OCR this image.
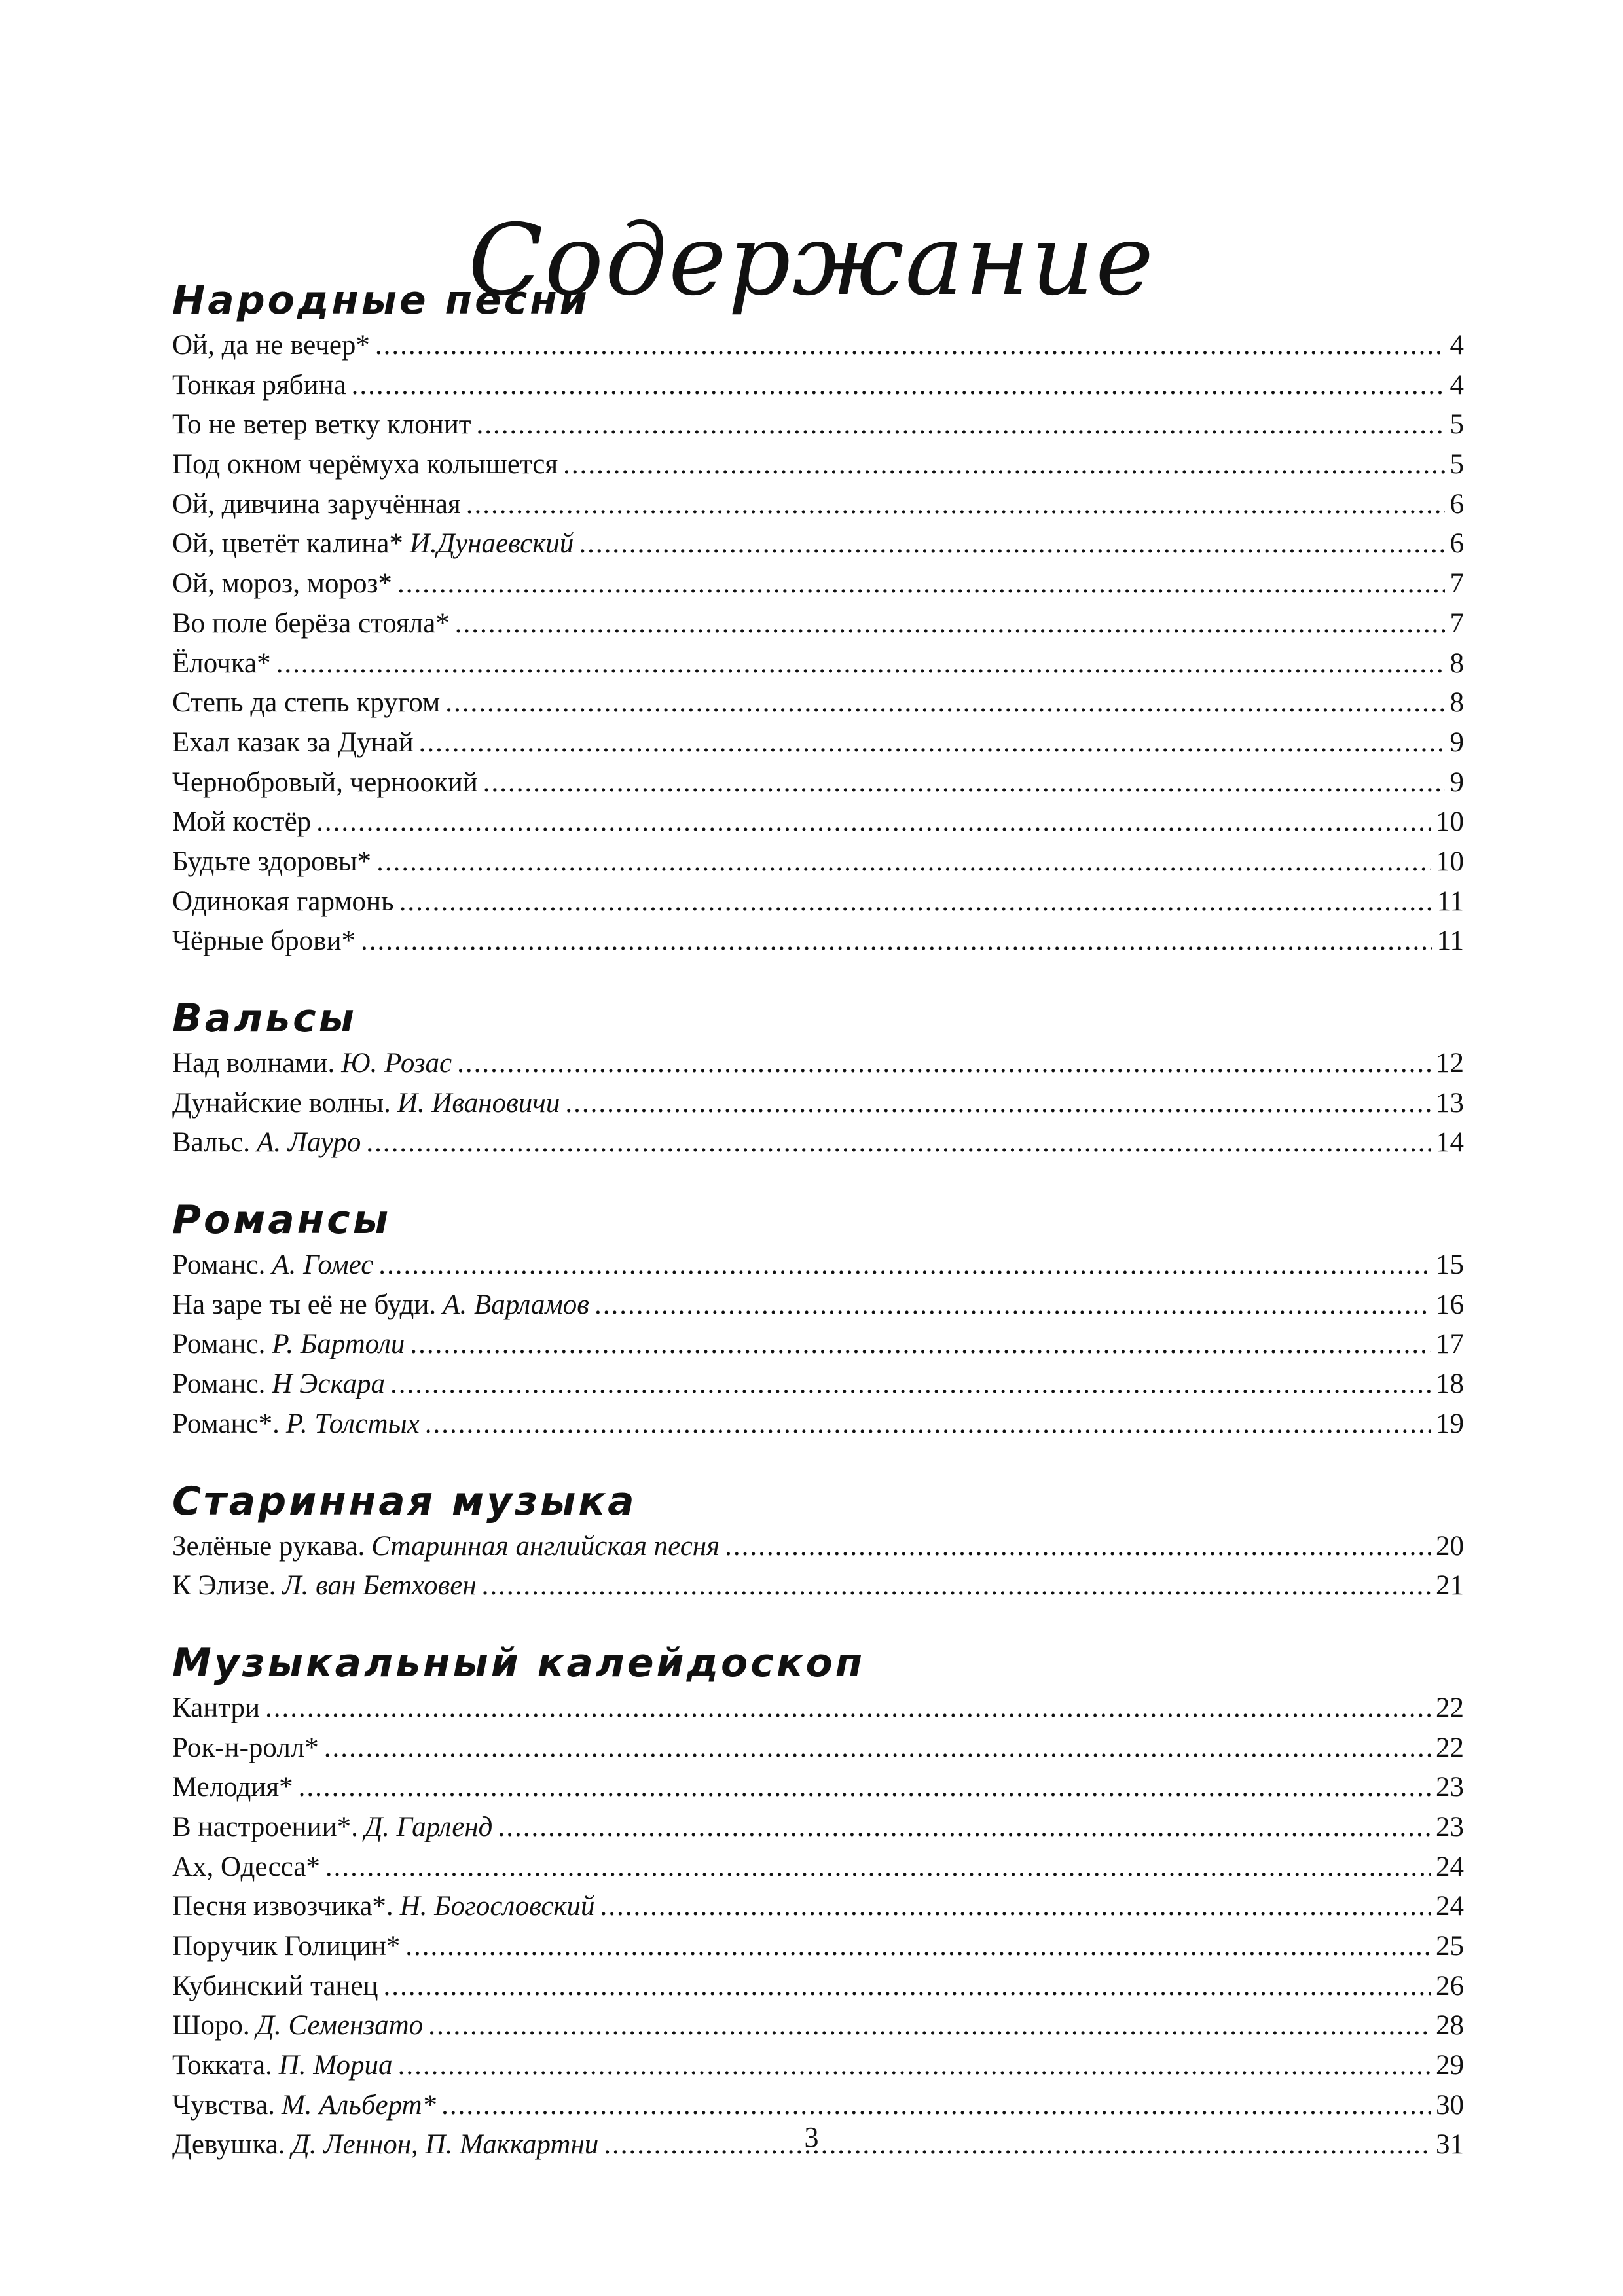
Содержание
Народные песни
Ой, да не вечер* .....	4
Тонкая рябина .....	4
То не ветер ветку клонит .....	5
Под окном черёмуха колышется .....	5
Ой, дивчина заручённая .....	6
Ой, цветёт калина* И.Дунаевский .....	6
Ой, мороз, мороз* .....	7
Во поле берёза стояла* .....	7
Ёлочка* .....	8
Степь да степь кругом .....	8
Ехал казак за Дунай .....	9
Чернобровый, черноокий .....	9
Мой костёр .....	10
Будьте здоровы* .....	10
Одинокая гармонь .....	11
Чёрные брови* .....	11
Вальсы
Над волнами. Ю. Розас .....	12
Дунайские волны. И. Ивановичи .....	13
Вальс. А. Лауро .....	14
Романсы
Романс. А. Гомес .....	15
На заре ты её не буди. А. Варламов .....	16
Романс. Р. Бартоли .....	17
Романс. Н Эскара .....	18
Романс*. Р. Толстых .....	19
Старинная музыка
Зелёные рукава. Старинная английская песня .....	20
К Элизе. Л. ван Бетховен .....	21
Музыкальный калейдоскоп
Кантри .....	22
Рок-н-ролл* .....	22
Мелодия* .....	23
В настроении*. Д. Гарленд .....	23
Ах, Одесса* .....	24
Песня извозчика*. Н. Богословский .....	24
Поручик Голицин* .....	25
Кубинский танец .....	26
Шоро. Д. Семензато .....	28
Токката. П. Мориа .....	29
Чувства. М. Альберт* .....	30
Девушка. Д. Леннон, П. Маккартни .....	31
3
